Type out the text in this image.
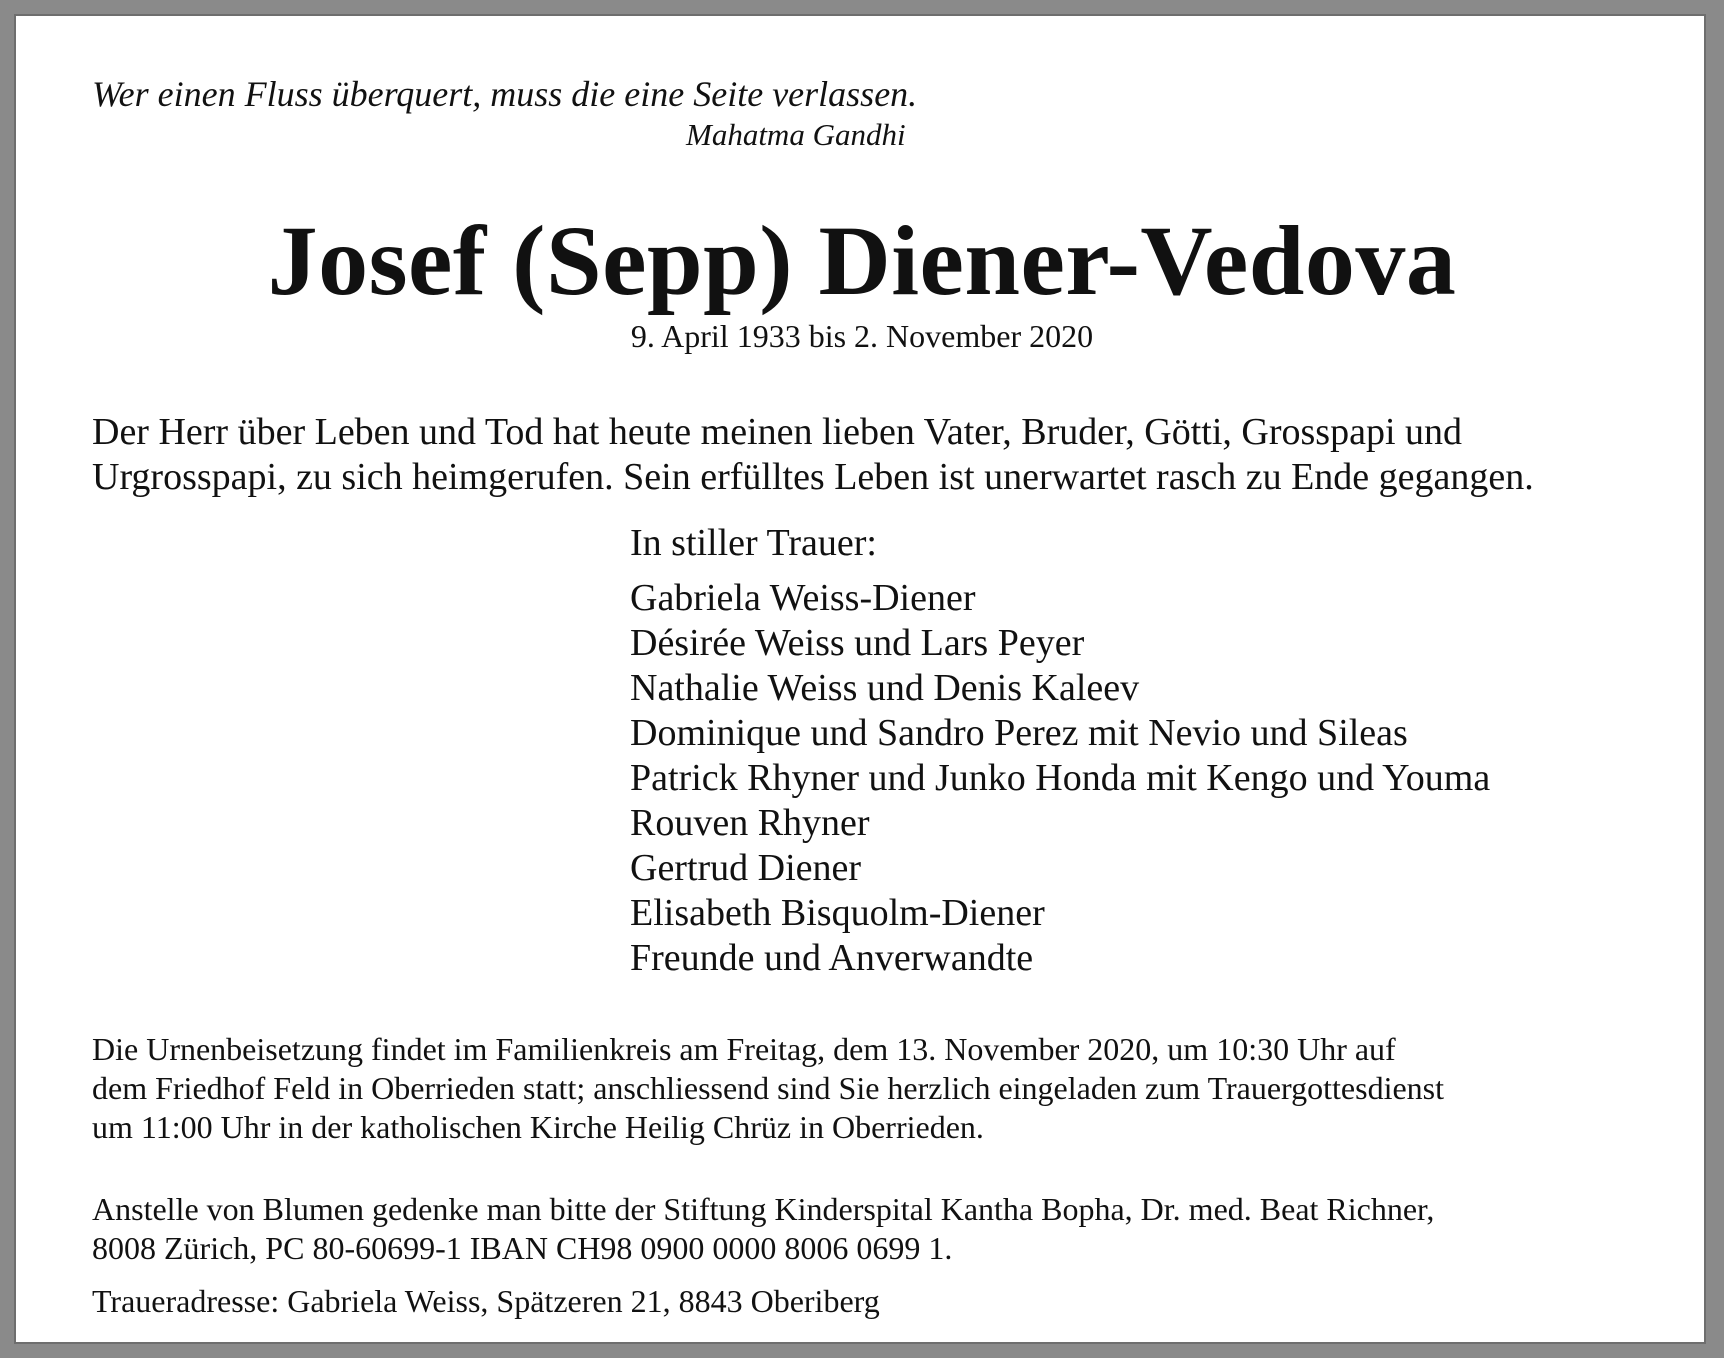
Wer einen Fluss überquert, muss die eine Seite verlassen.
Mahatma Gandhi
Josef (Sepp) Diener-Vedova
9. April 1933 bis 2. November 2020

Der Herr über Leben und Tod hat heute meinen lieben Vater, Bruder, Götti, Grosspapi und

Urgrosspapi, zu sich heimgerufen. Sein erfülltes Leben ist unerwartet rasch zu Ende gegangen.

In stiller Trauer:

Gabriela Weiss-Diener
Désirée Weiss und Lars Peyer
Nathalie Weiss und Denis Kaleev
Dominique und Sandro Perez mit Nevio und Sileas
Patrick Rhyner und Junko Honda mit Kengo und Youma
Rouven Rhyner
Gertrud Diener
Elisabeth Bisquolm-Diener
Freunde und Anverwandte

Die Urnenbeisetzung findet im Familienkreis am Freitag, dem 13. November 2020, um 10:30 Uhr auf

dem Friedhof Feld in Oberrieden statt; anschliessend sind Sie herzlich eingeladen zum Trauergottesdienst

um 11:00 Uhr in der katholischen Kirche Heilig Chrüz in Oberrieden.

Anstelle von Blumen gedenke man bitte der Stiftung Kinderspital Kantha Bopha, Dr. med. Beat Richner,

8008 Zürich, PC 80-60699-1 IBAN CH98 0900 0000 8006 0699 1.

Traueradresse: Gabriela Weiss, Spätzeren 21, 8843 Oberiberg
